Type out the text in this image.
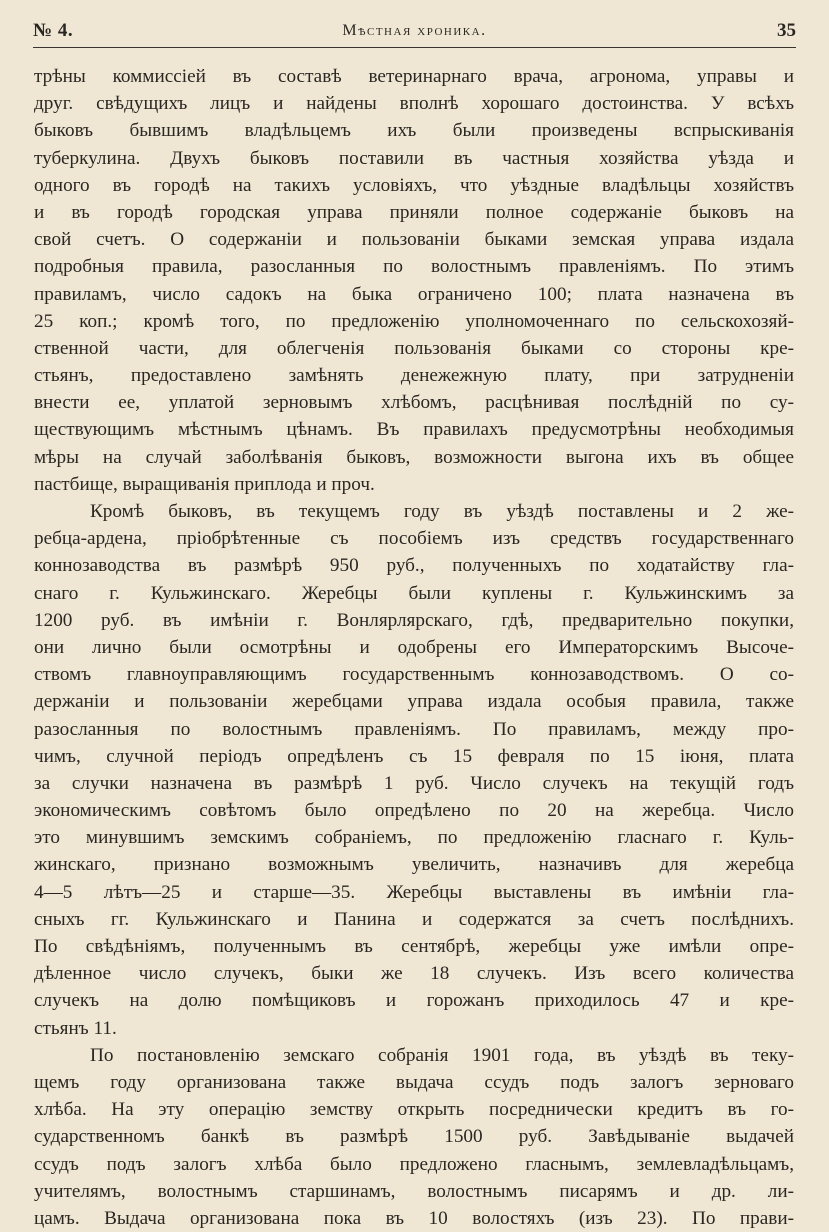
№ 4.	Мѣстная хроника.	35
трѣны коммиссіей въ составѣ ветеринарнаго врача, агронома, управы и
друг. свѣдущихъ лицъ и найдены вполнѣ хорошаго достоинства. У всѣхъ
быковъ бывшимъ владѣльцемъ ихъ были произведены вспрыскиванія
туберкулина. Двухъ быковъ поставили въ частныя хозяйства уѣзда и
одного въ городѣ на такихъ условіяхъ, что уѣздные владѣльцы хозяйствъ
и въ городѣ городская управа приняли полное содержаніе быковъ на
свой счетъ. О содержаніи и пользованіи быками земская управа издала
подробныя правила, разосланныя по волостнымъ правленіямъ. По этимъ
правиламъ, число садокъ на быка ограничено 100; плата назначена въ
25 коп.; кромѣ того, по предложенію уполномоченнаго по сельскохозяй-
ственной части, для облегченія пользованія быками со стороны кре-
стьянъ, предоставлено замѣнять денежежную плату, при затрудненіи
внести ее, уплатой зерновымъ хлѣбомъ, расцѣнивая послѣдній по су-
ществующимъ мѣстнымъ цѣнамъ. Въ правилахъ предусмотрѣны необходимыя
мѣры на случай заболѣванія быковъ, возможности выгона ихъ въ общее
пастбище, выращиванія приплода и проч.
Кромѣ быковъ, въ текущемъ году въ уѣздѣ поставлены и 2 же-
ребца-ардена, пріобрѣтенные съ пособіемъ изъ средствъ государственнаго
коннозаводства въ размѣрѣ 950 руб., полученныхъ по ходатайству гла-
снаго г. Кульжинскаго. Жеребцы были куплены г. Кульжинскимъ за
1200 руб. въ имѣніи г. Вонлярлярскаго, гдѣ, предварительно покупки,
они лично были осмотрѣны и одобрены его Императорскимъ Высоче-
ствомъ главноуправляющимъ государственнымъ коннозаводствомъ. О со-
держаніи и пользованіи жеребцами управа издала особыя правила, также
разосланныя по волостнымъ правленіямъ. По правиламъ, между про-
чимъ, случной періодъ опредѣленъ съ 15 февраля по 15 іюня, плата
за случки назначена въ размѣрѣ 1 руб. Число случекъ на текущій годъ
экономическимъ совѣтомъ было опредѣлено по 20 на жеребца. Число
это минувшимъ земскимъ собраніемъ, по предложенію гласнаго г. Куль-
жинскаго, признано возможнымъ увеличить, назначивъ для жеребца
4—5 лѣтъ—25 и старше—35. Жеребцы выставлены въ имѣніи гла-
сныхъ гг. Кульжинскаго и Панина и содержатся за счетъ послѣднихъ.
По свѣдѣніямъ, полученнымъ въ сентябрѣ, жеребцы уже имѣли опре-
дѣленное число случекъ, быки же 18 случекъ. Изъ всего количества
случекъ на долю помѣщиковъ и горожанъ приходилось 47 и кре-
стьянъ 11.
По постановленію земскаго собранія 1901 года, въ уѣздѣ въ теку-
щемъ году организована также выдача ссудъ подъ залогъ зерноваго
хлѣба. На эту операцію земству открыть посреднически кредитъ въ го-
сударственномъ банкѣ въ размѣрѣ 1500 руб. Завѣдываніе выдачей
ссудъ подъ залогъ хлѣба было предложено гласнымъ, землевладѣльцамъ,
учителямъ, волостнымъ старшинамъ, волостнымъ писарямъ и др. ли-
цамъ. Выдача организована пока въ 10 волостяхъ (изъ 23). По прави-
